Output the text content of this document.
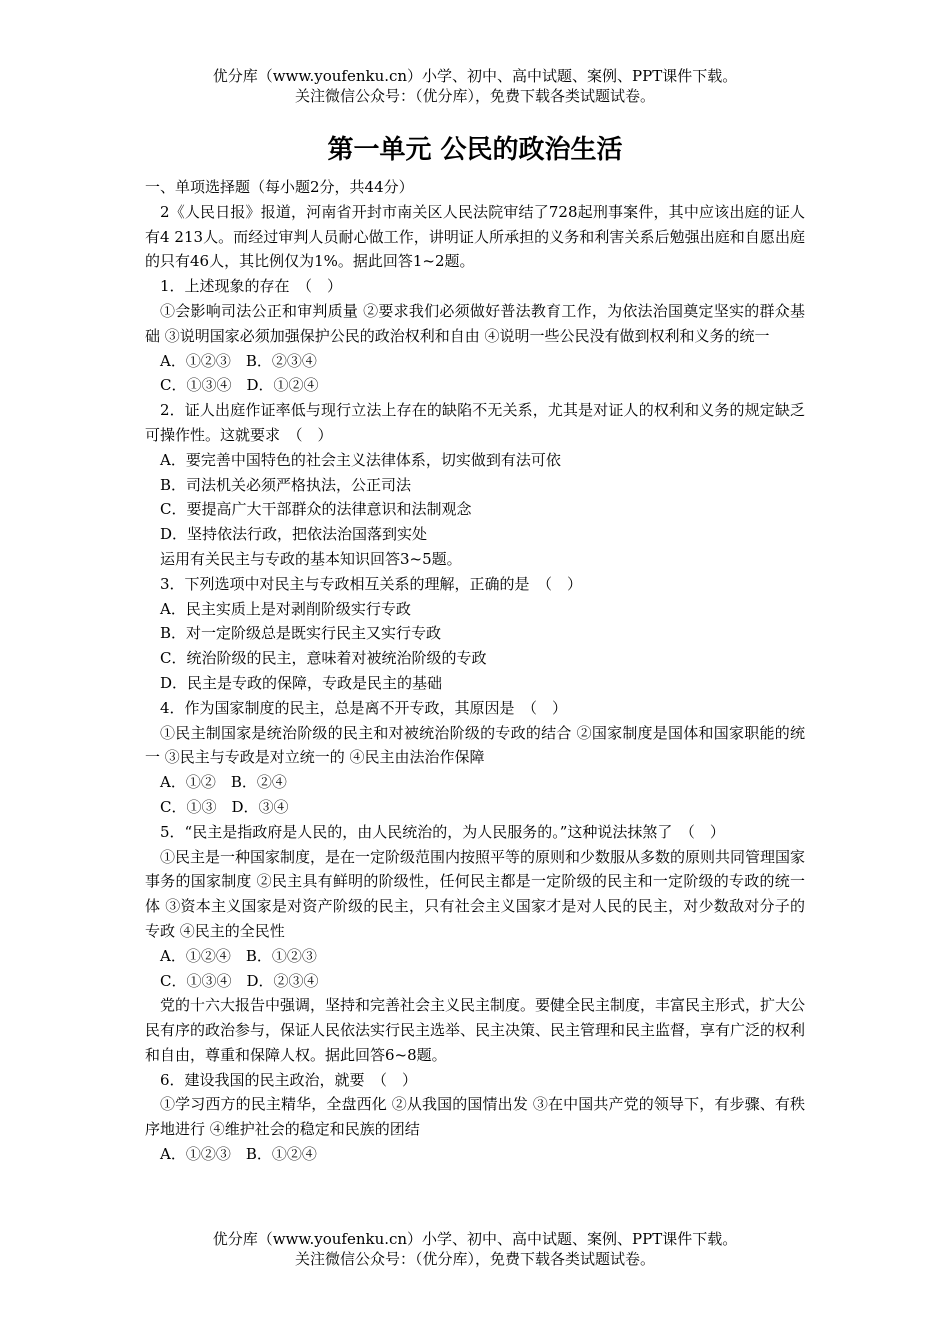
优分库（www.youfenku.cn）小学、初中、高中试题、案例、PPT课件下载。
关注微信公众号：（优分库），免费下载各类试题试卷。
第一单元 公民的政治生活

一、单项选择题（每小题2分，共44分）

2《人民日报》报道，河南省开封市南关区人民法院审结了728起刑事案件，其中应该出庭的证人有4 213人。而经过审判人员耐心做工作，讲明证人所承担的义务和利害关系后勉强出庭和自愿出庭的只有46人，其比例仅为1%。据此回答1~2题。

1．上述现象的存在　（　）

①会影响司法公正和审判质量 ②要求我们必须做好普法教育工作，为依法治国奠定坚实的群众基础 ③说明国家必须加强保护公民的政治权利和自由 ④说明一些公民没有做到权利和义务的统一

A．①②③　B．②③④

C．①③④　D．①②④

2．证人出庭作证率低与现行立法上存在的缺陷不无关系，尤其是对证人的权利和义务的规定缺乏可操作性。这就要求　（　）

A．要完善中国特色的社会主义法律体系，切实做到有法可依

B．司法机关必须严格执法，公正司法

C．要提高广大干部群众的法律意识和法制观念

D．坚持依法行政，把依法治国落到实处

运用有关民主与专政的基本知识回答3~5题。

3．下列选项中对民主与专政相互关系的理解，正确的是　（　）

A．民主实质上是对剥削阶级实行专政

B．对一定阶级总是既实行民主又实行专政

C．统治阶级的民主，意味着对被统治阶级的专政

D．民主是专政的保障，专政是民主的基础

4．作为国家制度的民主，总是离不开专政，其原因是　（　）

①民主制国家是统治阶级的民主和对被统治阶级的专政的结合 ②国家制度是国体和国家职能的统一 ③民主与专政是对立统一的 ④民主由法治作保障

A．①②　B．②④

C．①③　D．③④

5．“民主是指政府是人民的，由人民统治的，为人民服务的。”这种说法抹煞了　（　）

①民主是一种国家制度，是在一定阶级范围内按照平等的原则和少数服从多数的原则共同管理国家事务的国家制度 ②民主具有鲜明的阶级性，任何民主都是一定阶级的民主和一定阶级的专政的统一体 ③资本主义国家是对资产阶级的民主，只有社会主义国家才是对人民的民主，对少数敌对分子的专政 ④民主的全民性

A．①②④　B．①②③

C．①③④　D．②③④

党的十六大报告中强调，坚持和完善社会主义民主制度。要健全民主制度，丰富民主形式，扩大公民有序的政治参与，保证人民依法实行民主选举、民主决策、民主管理和民主监督，享有广泛的权利和自由，尊重和保障人权。据此回答6~8题。

6．建设我国的民主政治，就要　（　）

①学习西方的民主精华，全盘西化 ②从我国的国情出发 ③在中国共产党的领导下，有步骤、有秩序地进行 ④维护社会的稳定和民族的团结

A．①②③　B．①②④

优分库（www.youfenku.cn）小学、初中、高中试题、案例、PPT课件下载。
关注微信公众号：（优分库），免费下载各类试题试卷。
